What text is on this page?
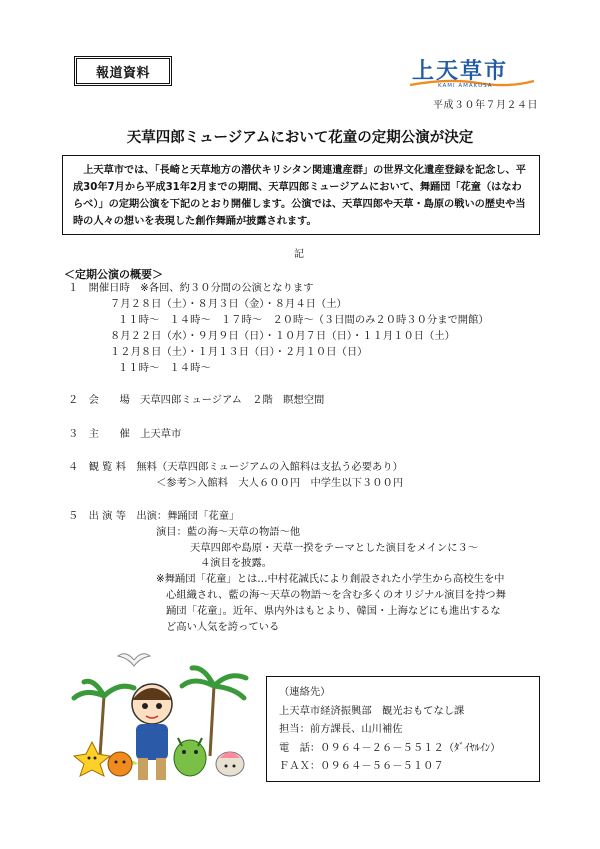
報道資料	上天草市
KAMI AMAKUSA
平成３０年７月２４日
天草四郎ミュージアムにおいて花童の定期公演が決定
上天草市では、「長崎と天草地方の潜伏キリシタン関連遺産群」の世界文化遺産登録を記念し、平成30年7月から平成31年2月までの期間、天草四郎ミュージアムにおいて、舞踊団「花童（はなわらべ）」の定期公演を下記のとおり開催します。公演では、天草四郎や天草・島原の戦いの歴史や当時の人々の想いを表現した創作舞踊が披露されます。
記
＜定期公演の概要＞
１　開催日時　※各回、約３０分間の公演となります
７月２８日（土）・８月３日（金）・８月４日（土）
１１時～　１４時～　１７時～　２０時～（３日間のみ２０時３０分まで開館）
８月２２日（水）・９月９日（日）・１０月７日（日）・１１月１０日（土）
１２月８日（土）・１月１３日（日）・２月１０日（日）
１１時～　１４時～
２　会　　場　天草四郎ミュージアム　２階　瞑想空間
３　主　　催　上天草市
４　観 覧 料　無料（天草四郎ミュージアムの入館料は支払う必要あり）
＜参考＞入館料　大人６００円　中学生以下３００円
５　出 演 等　出演：舞踊団「花童」
演目：藍の海～天草の物語～他
天草四郎や島原・天草一揆をテーマとした演目をメインに３～
４演目を披露。
※舞踊団「花童」とは…中村花誠氏により創設された小学生から高校生を中
心組織され、藍の海～天草の物語～を含む多くのオリジナル演目を持つ舞
踊団「花童」。近年、県内外はもとより、韓国・上海などにも進出するな
ど高い人気を誇っている
（連絡先）
上天草市経済振興部　観光おもてなし課
担当：前方課長、山川補佐
電　話：０９６４－２６－５５１２（ﾀﾞｲﾔﾙｲﾝ）
ＦＡＸ：０９６４－５６－５１０７
